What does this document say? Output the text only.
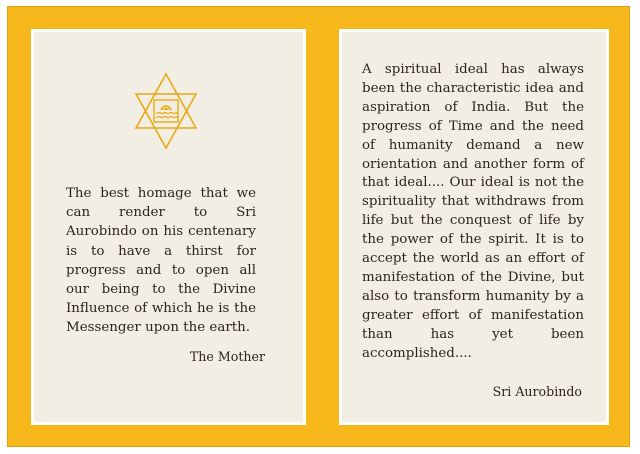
The best homage that we can render to Sri Aurobindo on his centenary is to have a thirst for progress and to open all our being to the Divine Influence of which he is the Messenger upon the earth.

The Mother

A spiritual ideal has always been the characteristic idea and aspiration of India. But the progress of Time and the need of humanity demand a new orientation and another form of that ideal.... Our ideal is not the spirituality that withdraws from life but the conquest of life by the power of the spirit. It is to accept the world as an effort of manifestation of the Divine, but also to transform humanity by a greater effort of manifestation than has yet been accomplished....

Sri Aurobindo
